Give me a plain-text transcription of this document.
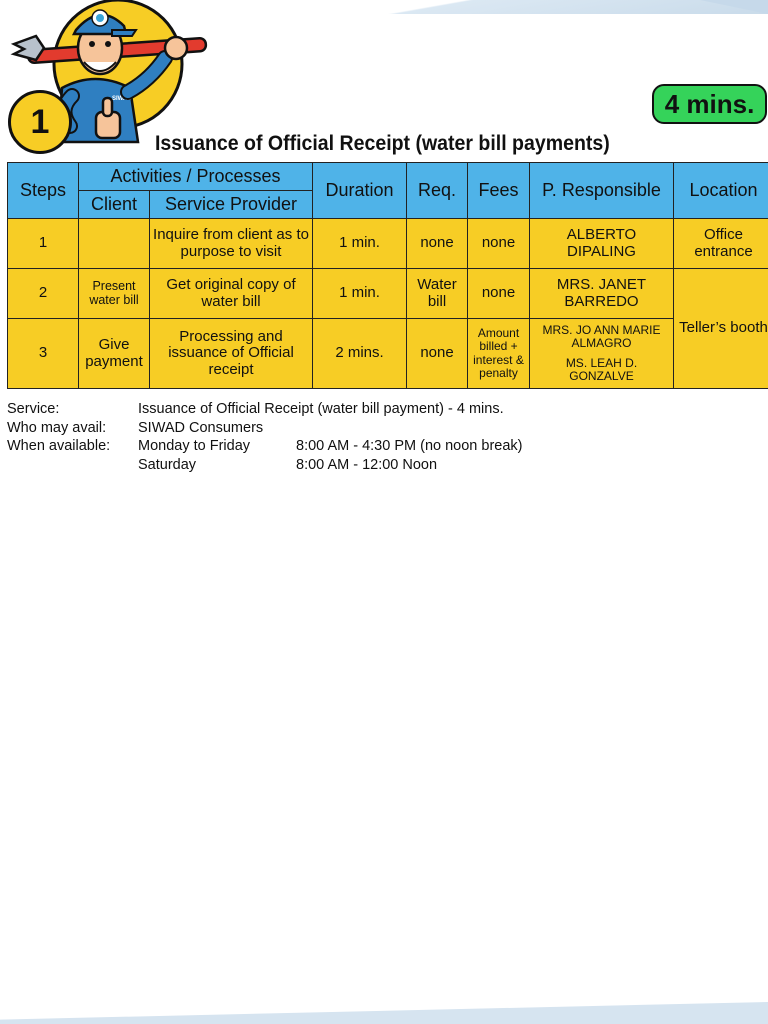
SIWAD
1	4 mins.
Issuance of Official Receipt (water bill payments)
Steps	Activities / Processes		Duration	Req.	Fees	P. Responsible	Location
	Client	Service Provider					
1		Inquire from client as to purpose to visit	1 min.	none	none	ALBERTO DIPALING	Office entrance
2	Present water bill	Get original copy of water bill	1 min.	Water bill	none	MRS. JANET BARREDO	Teller’s booth
3	Give payment	Processing and issuance of Official receipt	2 mins.	none	Amount billed + interest & penalty	MRS. JO ANN MARIE ALMAGRO
MS. LEAH D. GONZALVE	
Service:	Issuance of Official Receipt (water bill payment) - 4 mins.
Who may avail:	SIWAD Consumers
When available:	Monday to Friday	8:00 AM - 4:30 PM (no noon break)
Saturday	8:00 AM - 12:00 Noon
